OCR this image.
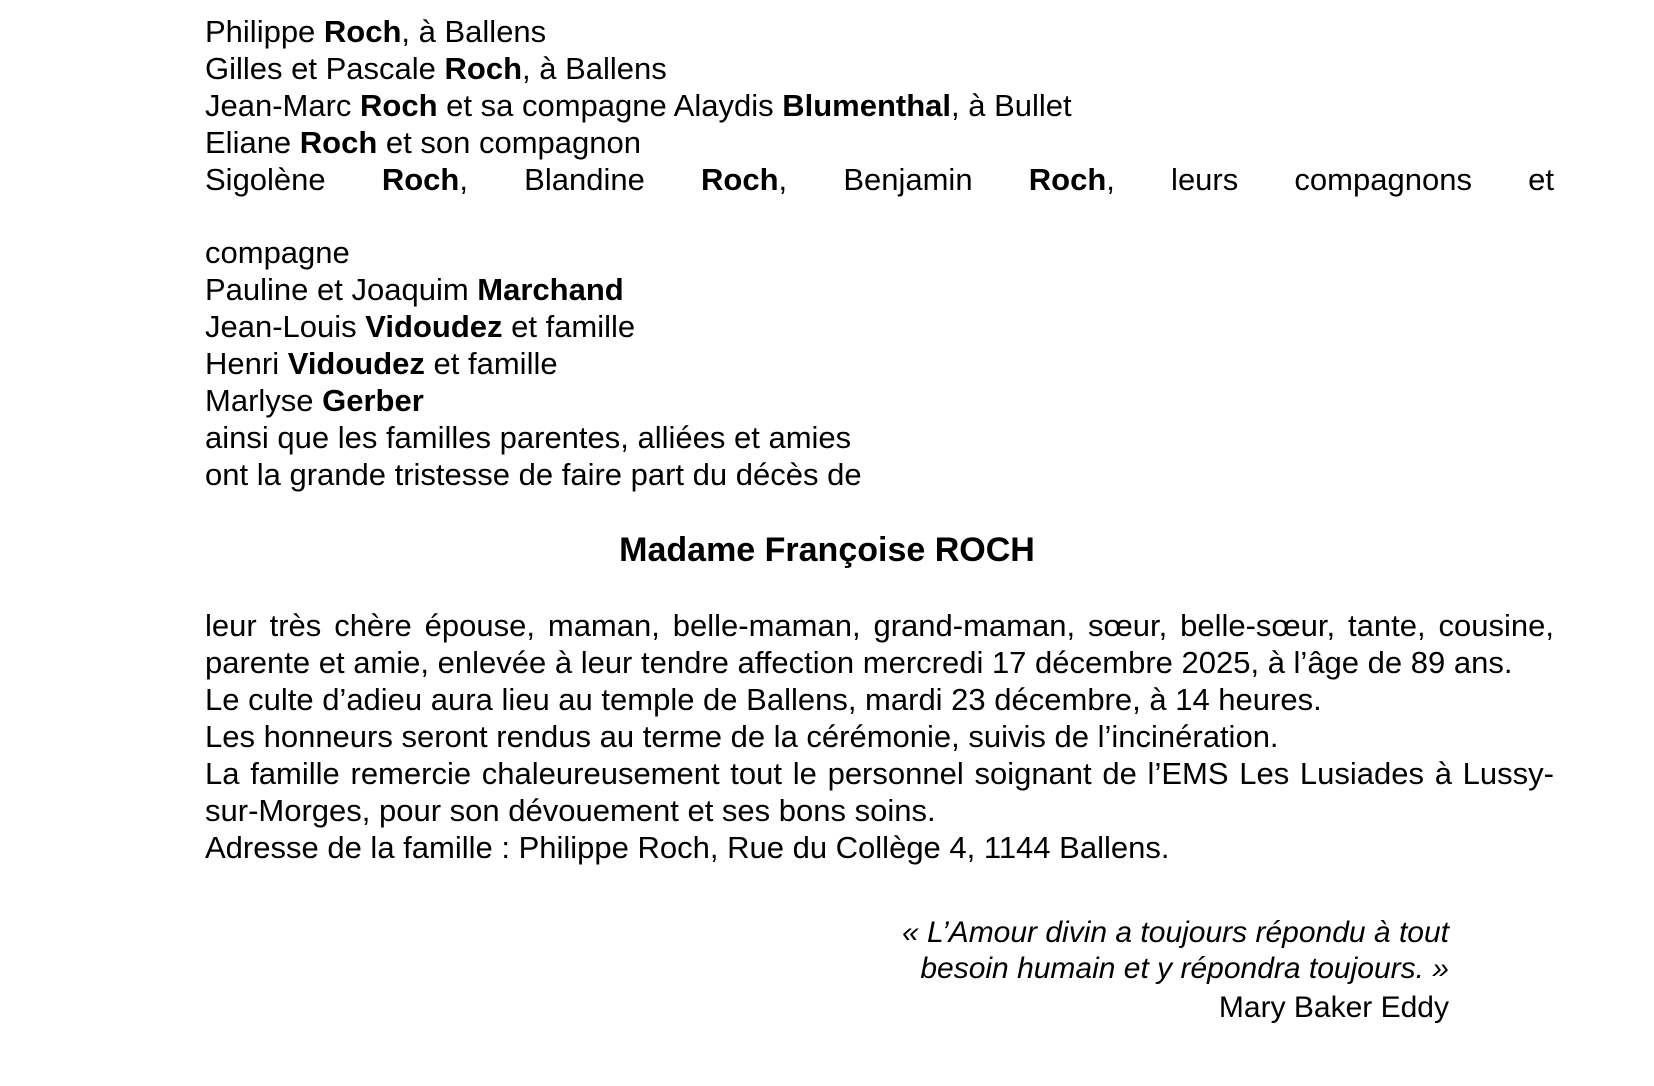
Philippe Roch, à Ballens
Gilles et Pascale Roch, à Ballens
Jean-Marc Roch et sa compagne Alaydis Blumenthal, à Bullet
Eliane Roch et son compagnon
Sigolène Roch, Blandine Roch, Benjamin Roch, leurs compagnons et
compagne
Pauline et Joaquim Marchand
Jean-Louis Vidoudez et famille
Henri Vidoudez et famille
Marlyse Gerber
ainsi que les familles parentes, alliées et amies
ont la grande tristesse de faire part du décès de
Madame Françoise ROCH

leur très chère épouse, maman, belle-maman, grand-maman, sœur, belle-sœur, tante, cousine, parente et amie, enlevée à leur tendre affection mercredi 17 décembre 2025, à l’âge de 89 ans.

Le culte d’adieu aura lieu au temple de Ballens, mardi 23 décembre, à 14 heures.

Les honneurs seront rendus au terme de la cérémonie, suivis de l’incinération.

La famille remercie chaleureusement tout le personnel soignant de l’EMS Les Lusiades à Lussy-sur-Morges, pour son dévouement et ses bons soins.

Adresse de la famille : Philippe Roch, Rue du Collège 4, 1144 Ballens.

« L’Amour divin a toujours répondu à tout
besoin humain et y répondra toujours. »
Mary Baker Eddy
